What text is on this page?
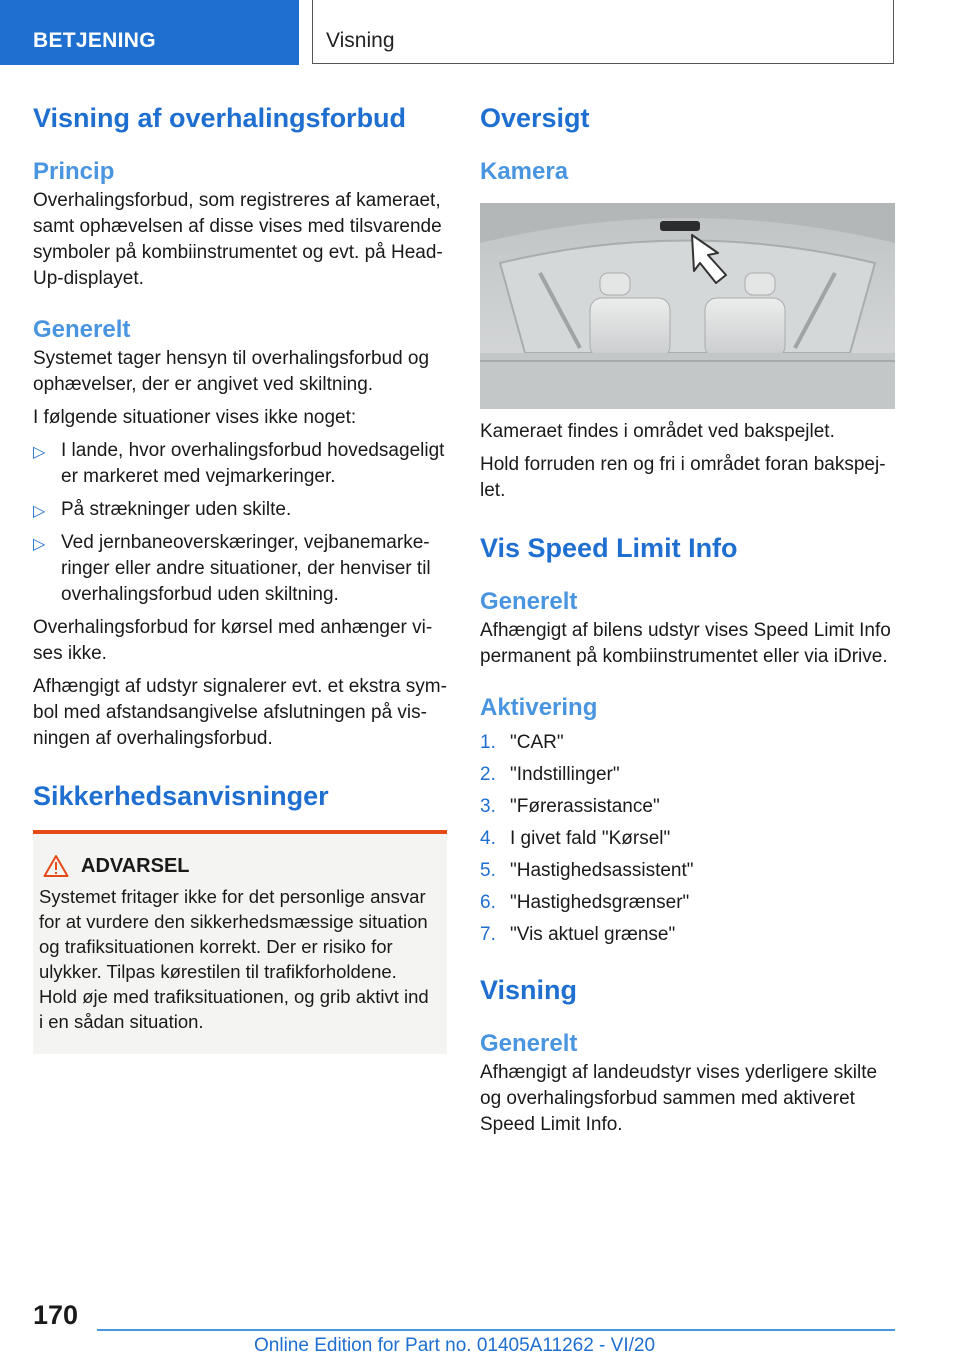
BETJENING	Visning
Visning af overhalingsforbud
Princip

Overhalingsforbud, som registreres af kameraet, samt ophævelsen af disse vises med tilsvarende symboler på kombiinstrumentet og evt. på Head-Up-displayet.

Generelt

Systemet tager hensyn til overhalingsforbud og ophævelser, der er angivet ved skiltning.

I følgende situationer vises ikke noget:

▷ I lande, hvor overhalingsforbud hovedsageligt er markeret med vejmarkeringer.
▷ På strækninger uden skilte.
▷ Ved jernbaneoverskæringer, vejbanemarke-ringer eller andre situationer, der henviser til overhalingsforbud uden skiltning.

Overhalingsforbud for kørsel med anhænger vi-ses ikke.

Afhængigt af udstyr signalerer evt. et ekstra sym-bol med afstandsangivelse afslutningen på vis-ningen af overhalingsforbud.

Sikkerhedsanvisninger
ADVARSEL

Systemet fritager ikke for det personlige ansvar for at vurdere den sikkerhedsmæssige situation og trafiksituationen korrekt. Der er risiko for ulykker. Tilpas kørestilen til trafikforholdene. Hold øje med trafiksituationen, og grib aktivt ind i en sådan situation.

Oversigt
Kamera

Kameraet findes i området ved bakspejlet.

Hold forruden ren og fri i området foran bakspej-let.

Vis Speed Limit Info
Generelt

Afhængigt af bilens udstyr vises Speed Limit Info permanent på kombiinstrumentet eller via iDrive.

Aktivering
1. "CAR"
2. "Indstillinger"
3. "Førerassistance"
4. I givet fald "Kørsel"
5. "Hastighedsassistent"
6. "Hastighedsgrænser"
7. "Vis aktuel grænse"
Visning
Generelt

Afhængigt af landeudstyr vises yderligere skilte og overhalingsforbud sammen med aktiveret Speed Limit Info.

170
Online Edition for Part no. 01405A11262 - VI/20
